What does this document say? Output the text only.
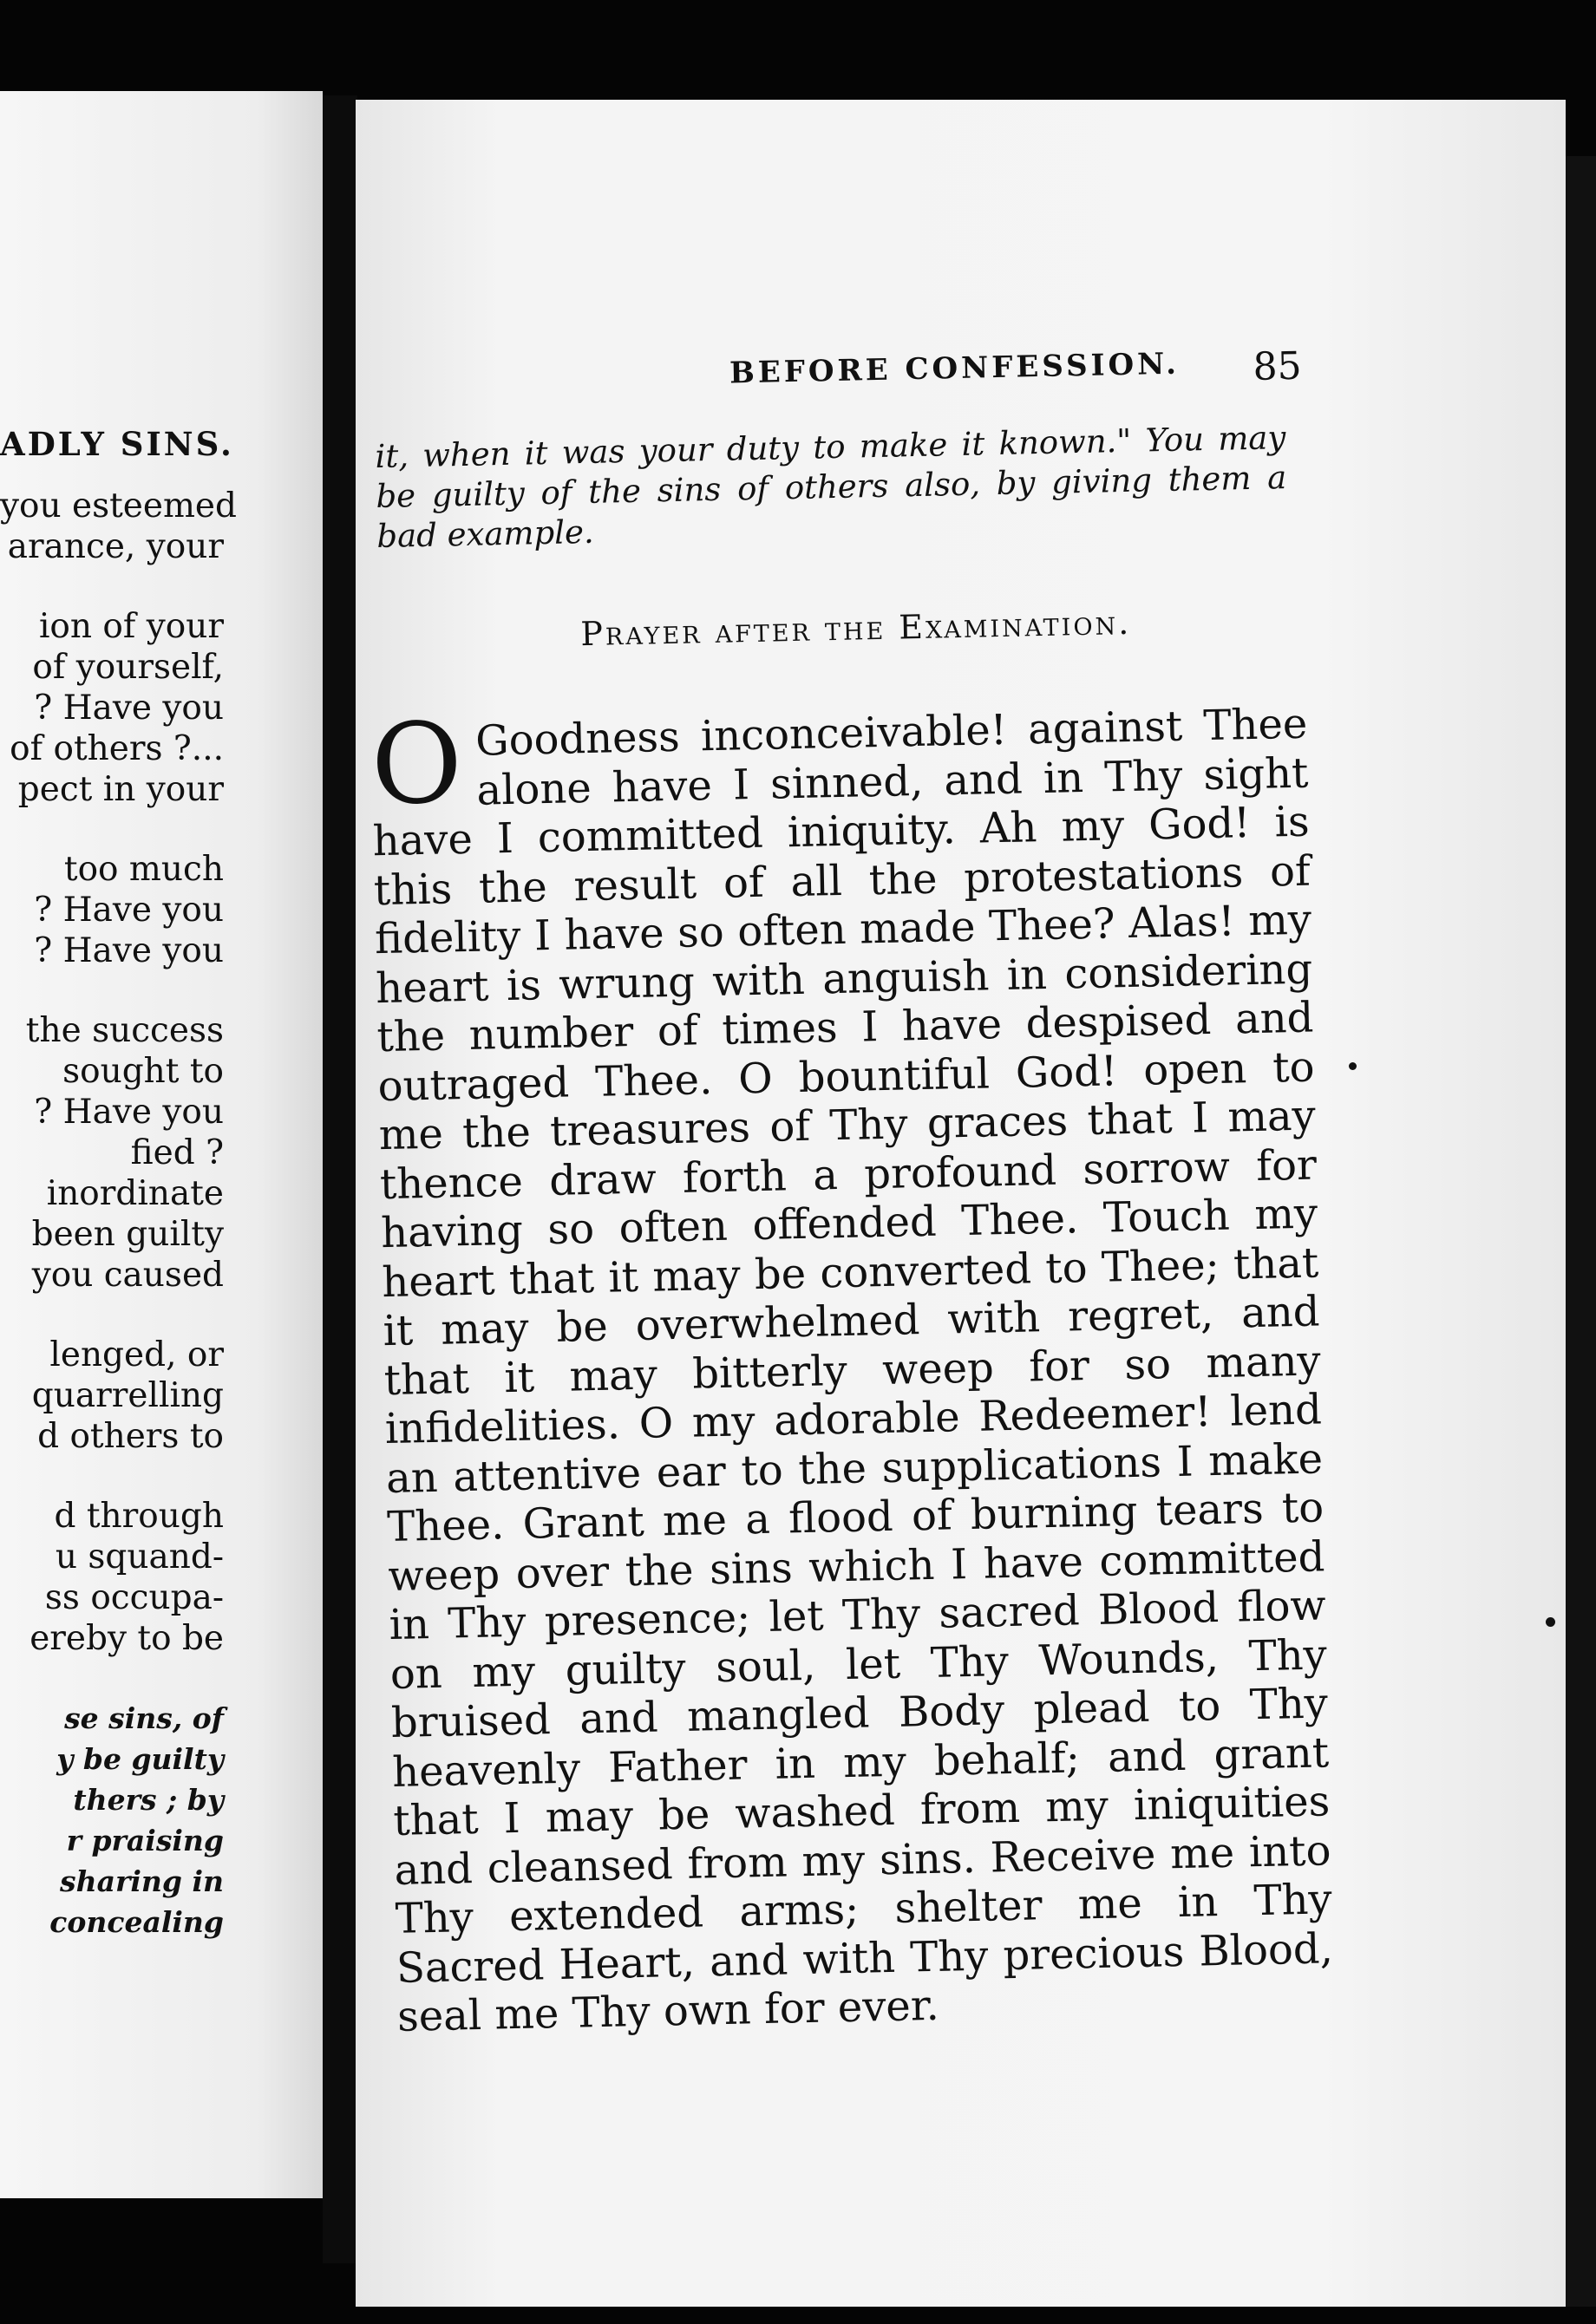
ADLY SINS.
you esteemed
arance, your
ion of your
of yourself,
? Have you
of others ?...
pect in your
too much
? Have you
? Have you
the success
sought to
? Have you
fied ?
inordinate
been guilty
you caused
lenged, or
quarrelling
d others to
d through
u squand-
ss occupa-
ereby to be
se sins, of
y be guilty
thers ; by
r praising
sharing in
concealing
BEFORE CONFESSION.	85
it, when it was your duty to make it known." You may be guilty of the sins of others also, by giving them a bad example.
Prayer after the Examination.
O Goodness inconceivable! against Thee alone have I sinned, and in Thy sight have I committed iniquity. Ah my God! is this the result of all the protestations of fidelity I have so often made Thee? Alas! my heart is wrung with anguish in considering the number of times I have despised and outraged Thee. O bountiful God! open to me the treasures of Thy graces that I may thence draw forth a profound sorrow for having so often offended Thee. Touch my heart that it may be converted to Thee; that it may be overwhelmed with regret, and that it may bitterly weep for so many infidelities. O my adorable Redeemer! lend an attentive ear to the supplications I make Thee. Grant me a flood of burning tears to weep over the sins which I have committed in Thy presence; let Thy sacred Blood flow on my guilty soul, let Thy Wounds, Thy bruised and mangled Body plead to Thy heavenly Father in my behalf; and grant that I may be washed from my iniquities and cleansed from my sins. Receive me into Thy extended arms; shelter me in Thy Sacred Heart, and with Thy precious Blood, seal me Thy own for ever.
